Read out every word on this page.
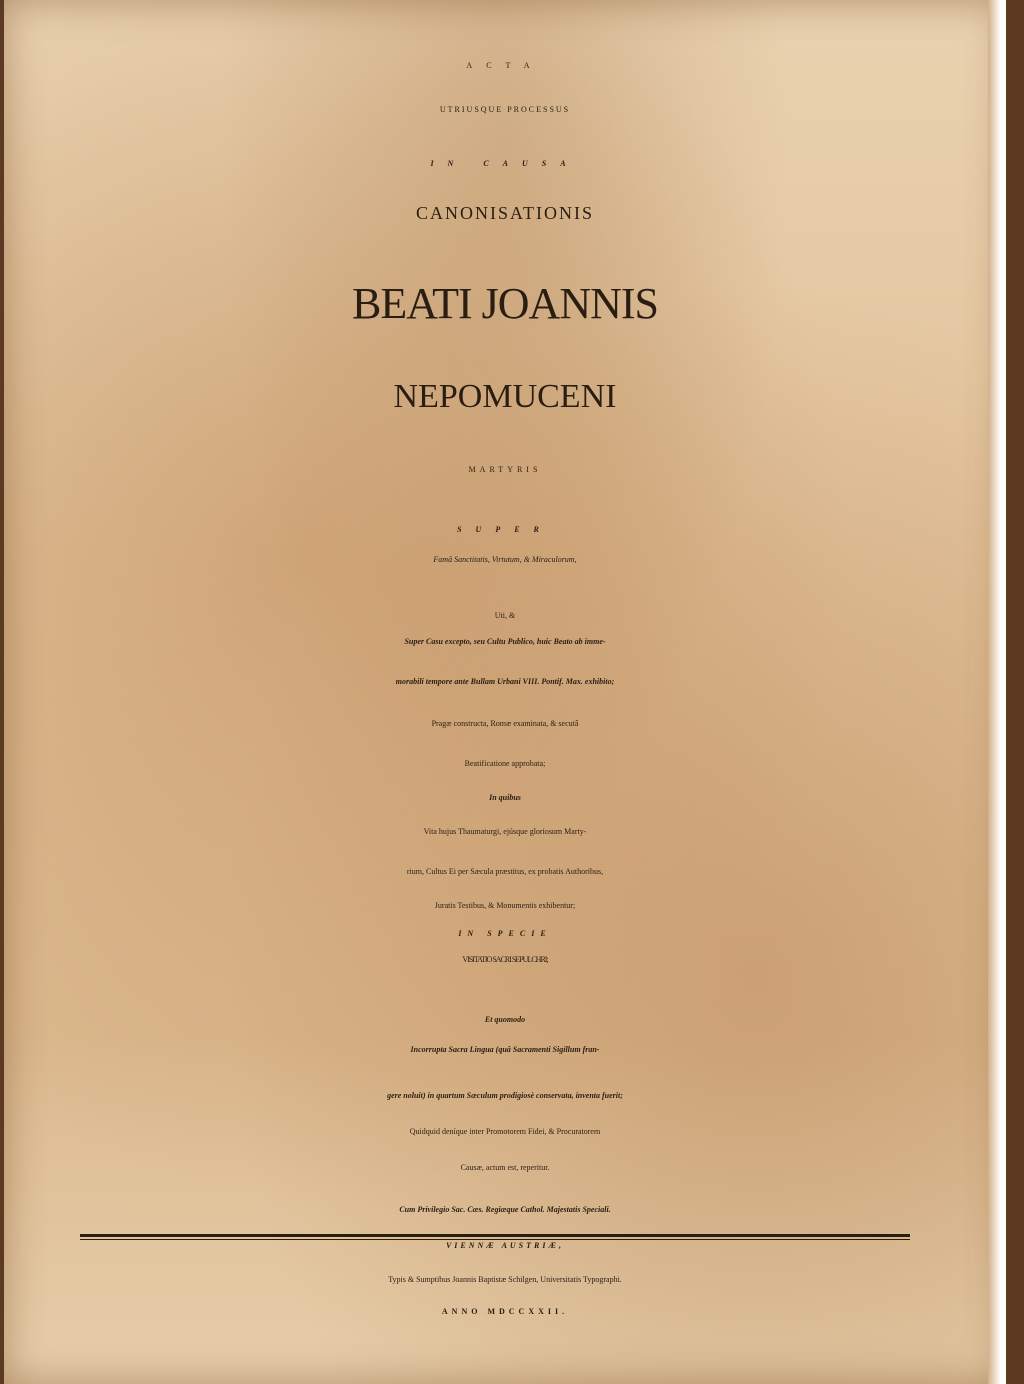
ACTA
UTRIUSQUE PROCESSUS
IN CAUSA
CANONISATIONIS
BEATI JOANNIS
NEPOMUCENI
MARTYRIS
SUPER
Famâ Sanctitatis, Virtutum, & Miraculorum,
Uti, &
Super Casu excepto, seu Cultu Publico, huic Beato ab imme-
morabili tempore ante Bullam Urbani VIII. Pontif. Max. exhibito;
Pragæ constructa, Romæ examinata, & secutâ
Beatificatione approbata;
In quibus
Vita hujus Thaumaturgi, ejúsque gloriosum Marty-
rium, Cultus Ei per Sæcula præstitus, ex probatis Authoribus,
Juratis Testibus, & Monumentis exhibentur;
IN SPECIE
VISITATIO SACRI SEPULCHRI;
Et quomodo
Incorrupta Sacra Lingua (quâ Sacramenti Sigillum fran-
gere noluit) in quartum Sæculum prodigiosè conservata, inventa fuerit;
Quidquid deníque inter Promotorem Fidei, & Procuratorem
Causæ, actum est, reperitur.
Cum Privilegio Sac. Cæs. Regiæque Cathol. Majestatis Speciali.
VIENNÆ AUSTRIÆ,
Typis & Sumptibus Joannis Baptistæ Schilgen, Universitatis Typographi.
ANNO MDCCXXII.
